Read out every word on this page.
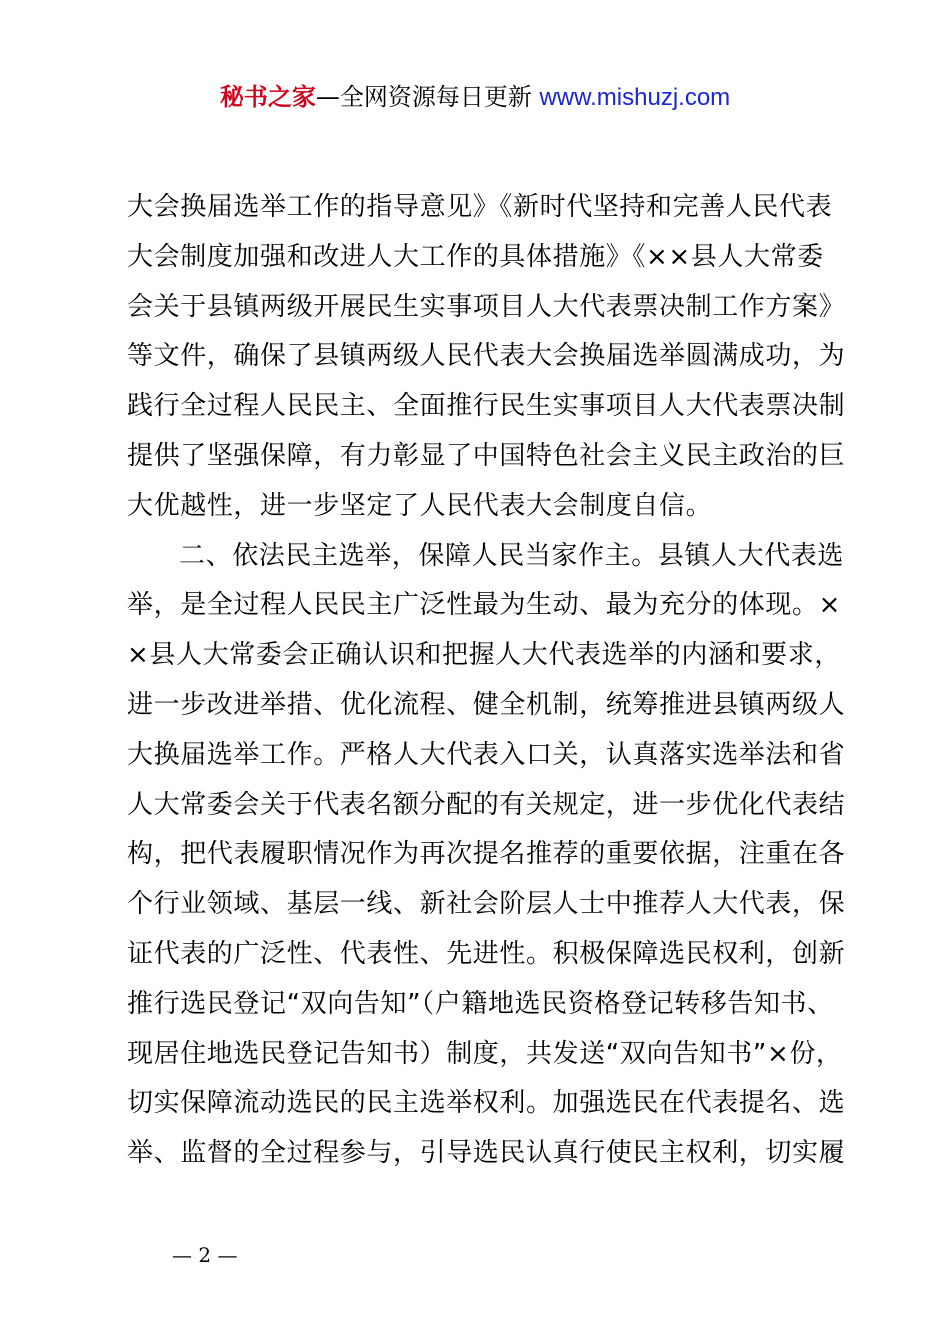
秘书之家—全网资源每日更新 www.mishuzj.com
大会换届选举工作的指导意见》《新时代坚持和完善人民代表
大会制度加强和改进人大工作的具体措施》《××县人大常委
会关于县镇两级开展民生实事项目人大代表票决制工作方案》
等文件，确保了县镇两级人民代表大会换届选举圆满成功，为
践行全过程人民民主、全面推行民生实事项目人大代表票决制
提供了坚强保障，有力彰显了中国特色社会主义民主政治的巨
大优越性，进一步坚定了人民代表大会制度自信。
二、依法民主选举，保障人民当家作主。县镇人大代表选
举，是全过程人民民主广泛性最为生动、最为充分的体现。×
×县人大常委会正确认识和把握人大代表选举的内涵和要求，
进一步改进举措、优化流程、健全机制，统筹推进县镇两级人
大换届选举工作。严格人大代表入口关，认真落实选举法和省
人大常委会关于代表名额分配的有关规定，进一步优化代表结
构，把代表履职情况作为再次提名推荐的重要依据，注重在各
个行业领域、基层一线、新社会阶层人士中推荐人大代表，保
证代表的广泛性、代表性、先进性。积极保障选民权利，创新
推行选民登记“双向告知”（户籍地选民资格登记转移告知书、
现居住地选民登记告知书）制度，共发送“双向告知书”×份，
切实保障流动选民的民主选举权利。加强选民在代表提名、选
举、监督的全过程参与，引导选民认真行使民主权利，切实履
— 2 —
